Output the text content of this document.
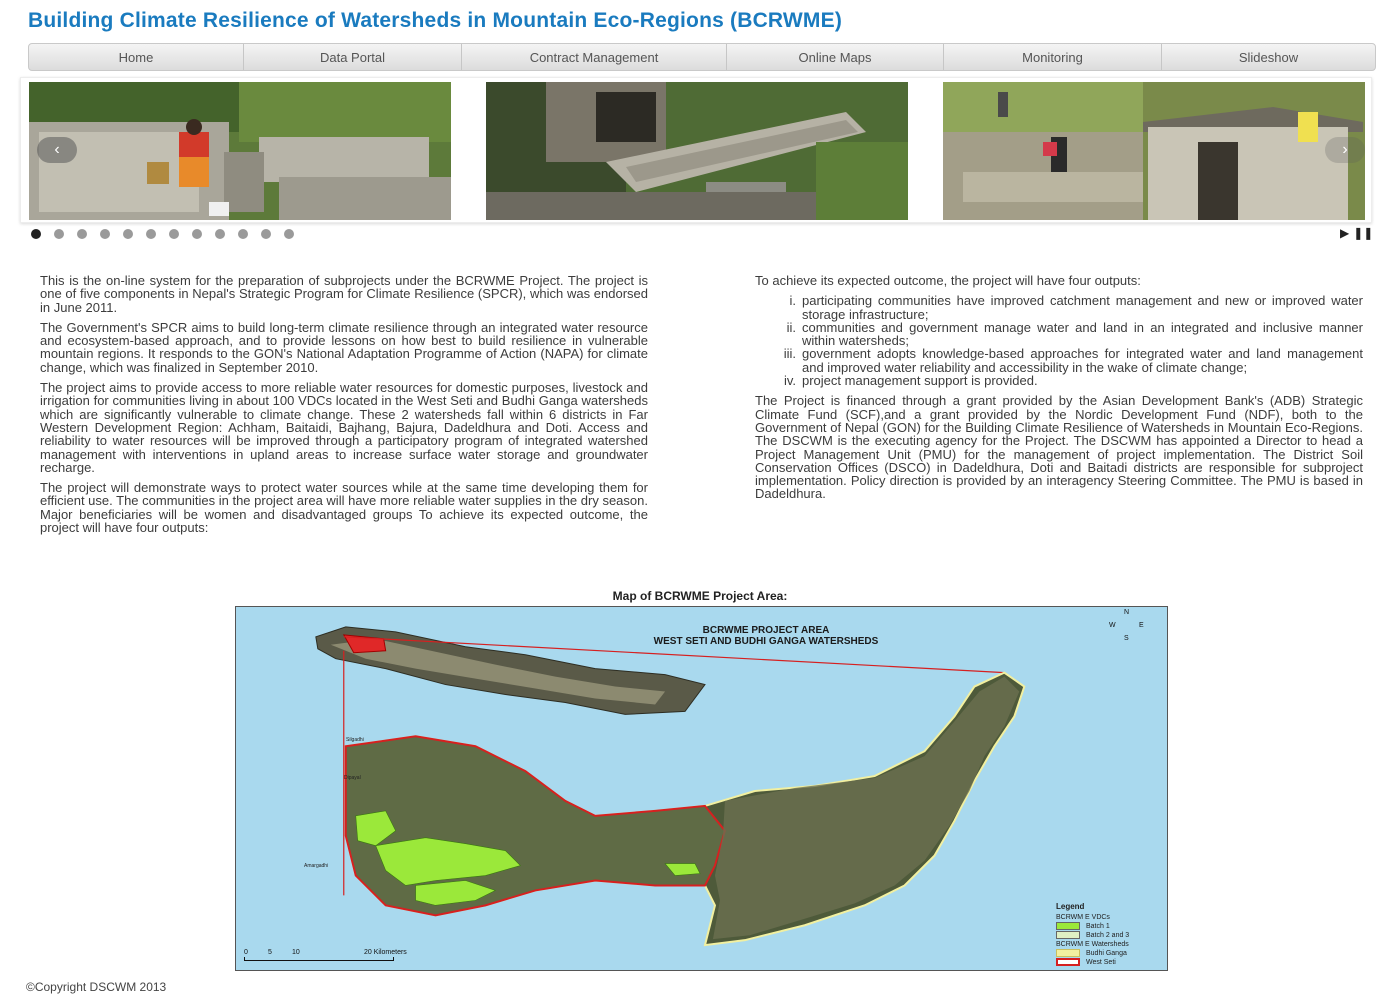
Building Climate Resilience of Watersheds in Mountain Eco-Regions (BCRWME)
Home	Data Portal	Contract Management	Online Maps	Monitoring	Slideshow
‹	›
▶ ❚❚

This is the on-line system for the preparation of subprojects under the BCRWME Project. The project is one of five components in Nepal's Strategic Program for Climate Resilience (SPCR), which was endorsed in June 2011.

The Government's SPCR aims to build long-term climate resilience through an integrated water resource and ecosystem-based approach, and to provide lessons on how best to build resilience in vulnerable mountain regions. It responds to the GON's National Adaptation Programme of Action (NAPA) for climate change, which was finalized in September 2010.

The project aims to provide access to more reliable water resources for domestic purposes, livestock and irrigation for communities living in about 100 VDCs located in the West Seti and Budhi Ganga watersheds which are significantly vulnerable to climate change. These 2 watersheds fall within 6 districts in Far Western Development Region: Achham, Baitaidi, Bajhang, Bajura, Dadeldhura and Doti. Access and reliability to water resources will be improved through a participatory program of integrated watershed management with interventions in upland areas to increase surface water storage and groundwater recharge.

The project will demonstrate ways to protect water sources while at the same time developing them for efficient use. The communities in the project area will have more reliable water supplies in the dry season. Major beneficiaries will be women and disadvantaged groups To achieve its expected outcome, the project will have four outputs:

To achieve its expected outcome, the project will have four outputs:

i. participating communities have improved catchment management and new or improved water storage infrastructure;
ii. communities and government manage water and land in an integrated and inclusive manner within watersheds;
iii. government adopts knowledge-based approaches for integrated water and land management and improved water reliability and accessibility in the wake of climate change;
iv. project management support is provided.

The Project is financed through a grant provided by the Asian Development Bank's (ADB) Strategic Climate Fund (SCF),and a grant provided by the Nordic Development Fund (NDF), both to the Government of Nepal (GON) for the Building Climate Resilience of Watersheds in Mountain Eco-Regions. The DSCWM is the executing agency for the Project. The DSCWM has appointed a Director to head a Project Management Unit (PMU) for the management of project implementation. The District Soil Conservation Offices (DSCO) in Dadeldhura, Doti and Baitadi districts are responsible for subproject implementation. Policy direction is provided by an interagency Steering Committee. The PMU is based in Dadeldhura.

Map of BCRWME Project Area:
BCRWME PROJECT AREA
WEST SETI AND BUDHI GANGA WATERSHEDS
N
W	E
S
Silgadhi
Dipayal
Amargadhi
0	5	10	20 Kilometers
Legend
BCRWM E VDCs
Batch 1
Batch 2 and 3
BCRWM E Watersheds
Budhi Ganga
West Seti
©Copyright DSCWM 2013
